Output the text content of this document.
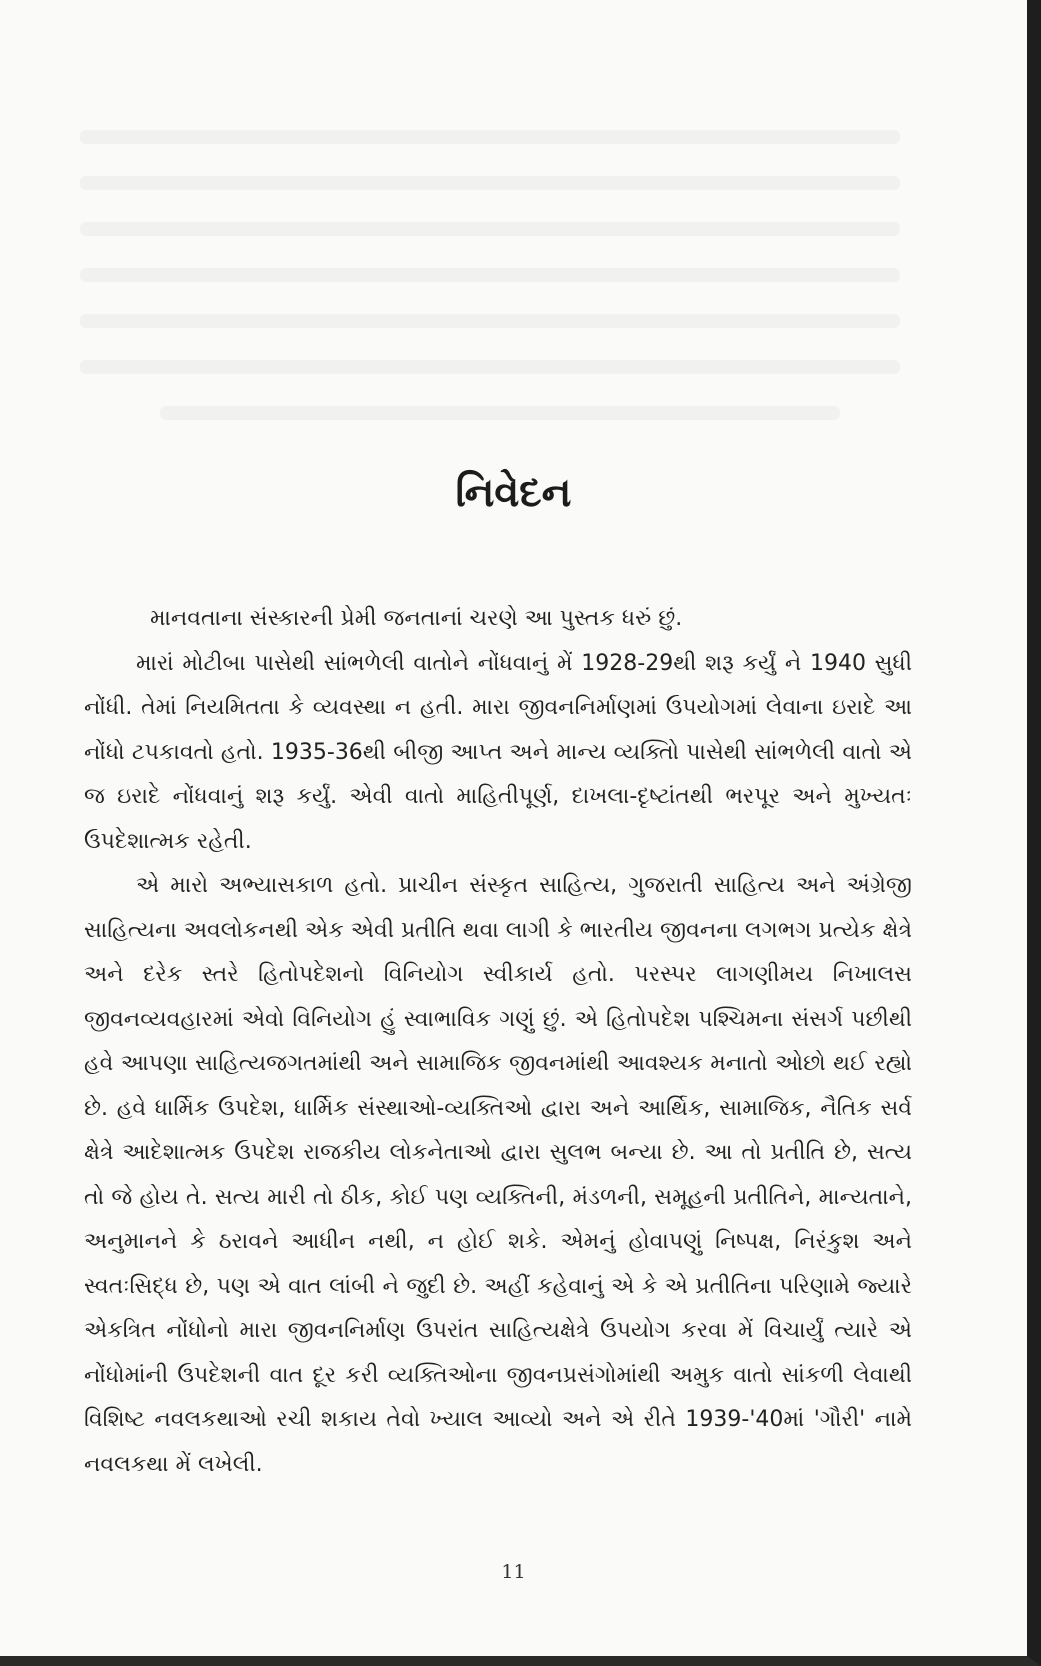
નિવેદન

માનવતાના સંસ્કારની પ્રેમી જનતાનાં ચરણે આ પુસ્તક ધરું છું.

મારાં મોટીબા પાસેથી સાંભળેલી વાતોને નોંધવાનું મેં 1928-29થી શરૂ કર્યું ને 1940 સુધી નોંધી. તેમાં નિયમિતતા કે વ્યવસ્થા ન હતી. મારા જીવનનિર્માણમાં ઉપયોગમાં લેવાના ઇરાદે આ નોંધો ટપકાવતો હતો. 1935-36થી બીજી આપ્ત અને માન્ય વ્યક્તિો પાસેથી સાંભળેલી વાતો એ જ ઇરાદે નોંધવાનું શરૂ કર્યું. એવી વાતો માહિતીપૂર્ણ, દાખલા-દૃષ્ટાંતથી ભરપૂર અને મુખ્યતઃ ઉપદેશાત્મક રહેતી.

એ મારો અભ્યાસકાળ હતો. પ્રાચીન સંસ્કૃત સાહિત્ય, ગુજરાતી સાહિત્ય અને અંગ્રેજી સાહિત્યના અવલોકનથી એક એવી પ્રતીતિ થવા લાગી કે ભારતીય જીવનના લગભગ પ્રત્યેક ક્ષેત્રે અને દરેક સ્તરે હિતોપદેશનો વિનિયોગ સ્વીકાર્ય હતો. પરસ્પર લાગણીમય નિખાલસ જીવનવ્યવહારમાં એવો વિનિયોગ હું સ્વાભાવિક ગણું છું. એ હિતોપદેશ પશ્ચિમના સંસર્ગ પછીથી હવે આપણા સાહિત્યજગતમાંથી અને સામાજિક જીવનમાંથી આવશ્યક મનાતો ઓછો થઈ રહ્યો છે. હવે ધાર્મિક ઉપદેશ, ધાર્મિક સંસ્થાઓ-વ્યક્તિઓ દ્વારા અને આર્થિક, સામાજિક, નૈતિક સર્વ ક્ષેત્રે આદેશાત્મક ઉપદેશ રાજકીય લોકનેતાઓ દ્વારા સુલભ બન્યા છે. આ તો પ્રતીતિ છે, સત્ય તો જે હોય તે. સત્ય મારી તો ઠીક, કોઈ પણ વ્યક્તિની, મંડળની, સમૂહની પ્રતીતિને, માન્યતાને, અનુમાનને કે ઠરાવને આધીન નથી, ન હોઈ શકે. એમનું હોવાપણું નિષ્પક્ષ, નિરંકુશ અને સ્વતઃસિદ્ધ છે, પણ એ વાત લાંબી ને જુદી છે. અહીં કહેવાનું એ કે એ પ્રતીતિના પરિણામે જ્યારે એકત્રિત નોંધોનો મારા જીવનનિર્માણ ઉપરાંત સાહિત્યક્ષેત્રે ઉપયોગ કરવા મેં વિચાર્યું ત્યારે એ નોંધોમાંની ઉપદેશની વાત દૂર કરી વ્યક્તિઓના જીવનપ્રસંગોમાંથી અમુક વાતો સાંકળી લેવાથી વિશિષ્ટ નવલકથાઓ રચી શકાય તેવો ખ્યાલ આવ્યો અને એ રીતે 1939-'40માં 'ગૌરી' નામે નવલકથા મેં લખેલી.

11
